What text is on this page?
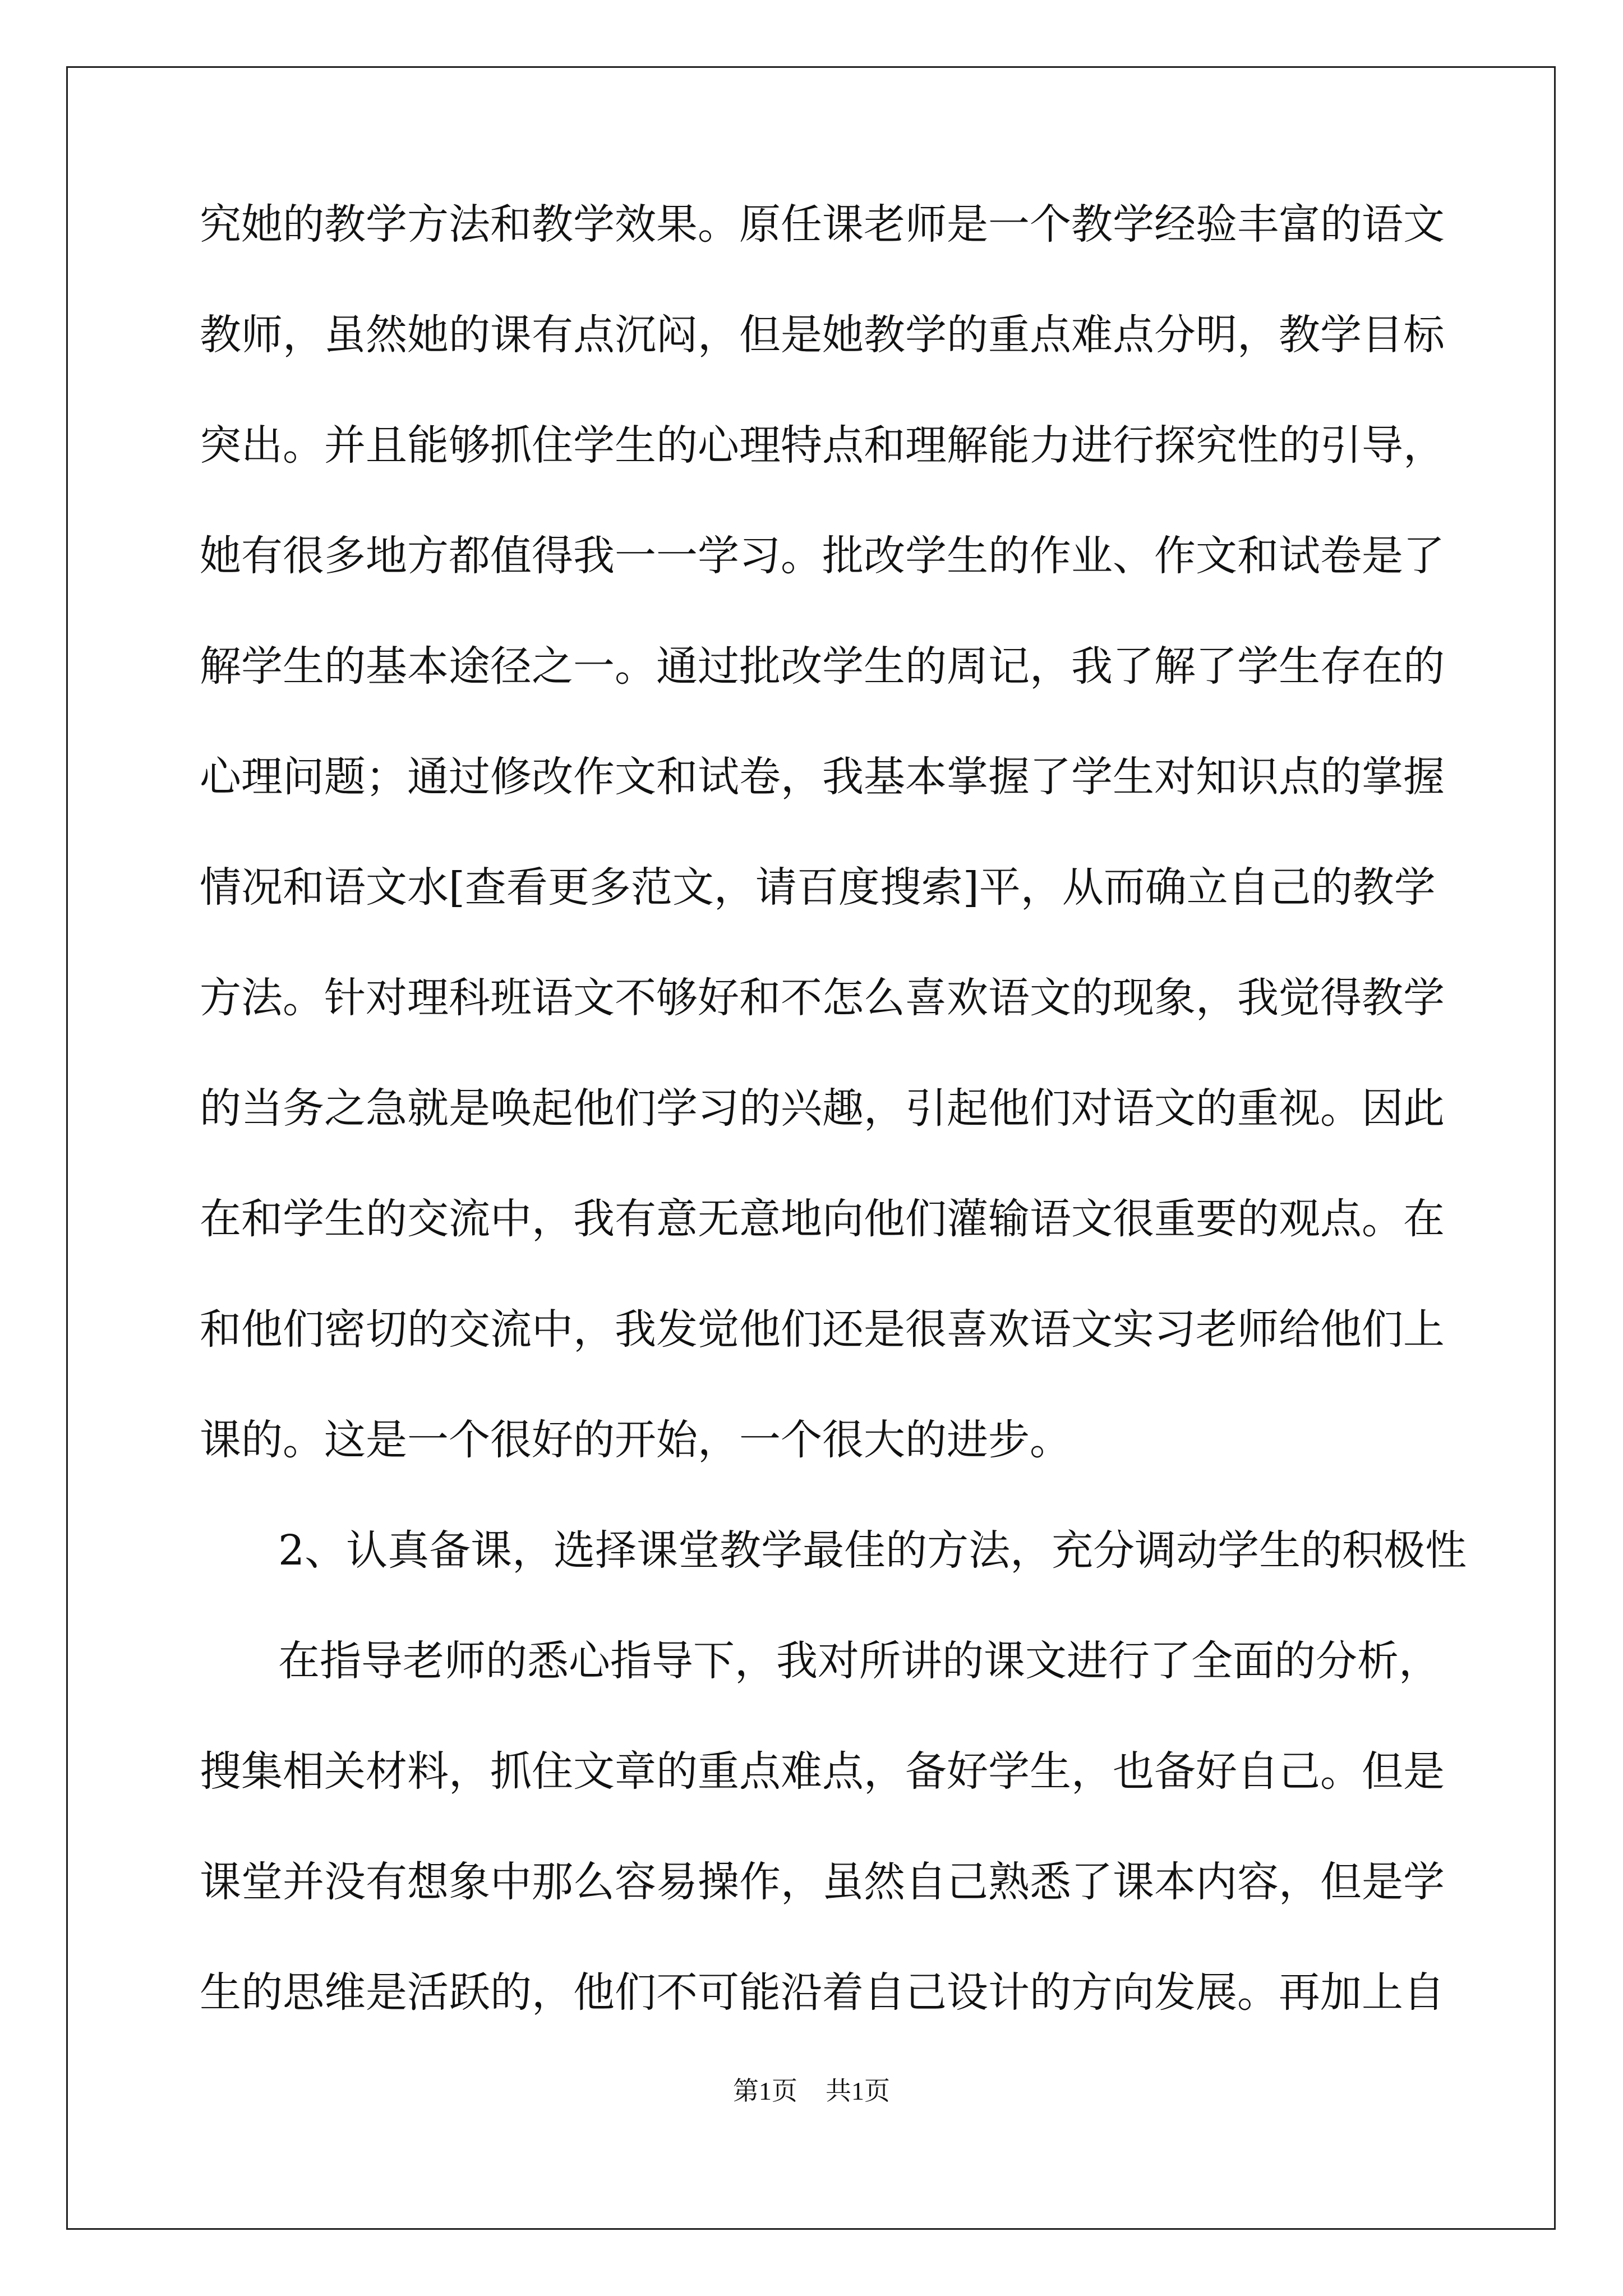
究她的教学方法和教学效果。原任课老师是一个教学经验丰富的语文
教师，虽然她的课有点沉闷，但是她教学的重点难点分明，教学目标
突出。并且能够抓住学生的心理特点和理解能力进行探究性的引导，
她有很多地方都值得我一一学习。批改学生的作业、作文和试卷是了
解学生的基本途径之一。通过批改学生的周记，我了解了学生存在的
心理问题；通过修改作文和试卷，我基本掌握了学生对知识点的掌握
情况和语文水[查看更多范文，请百度搜索]平，从而确立自己的教学
方法。针对理科班语文不够好和不怎么喜欢语文的现象，我觉得教学
的当务之急就是唤起他们学习的兴趣，引起他们对语文的重视。因此
在和学生的交流中，我有意无意地向他们灌输语文很重要的观点。在
和他们密切的交流中，我发觉他们还是很喜欢语文实习老师给他们上
课的。这是一个很好的开始，一个很大的进步。
2、认真备课，选择课堂教学最佳的方法，充分调动学生的积极性
在指导老师的悉心指导下，我对所讲的课文进行了全面的分析，
搜集相关材料，抓住文章的重点难点，备好学生，也备好自己。但是
课堂并没有想象中那么容易操作，虽然自己熟悉了课本内容，但是学
生的思维是活跃的，他们不可能沿着自己设计的方向发展。再加上自
第1页 共1页
